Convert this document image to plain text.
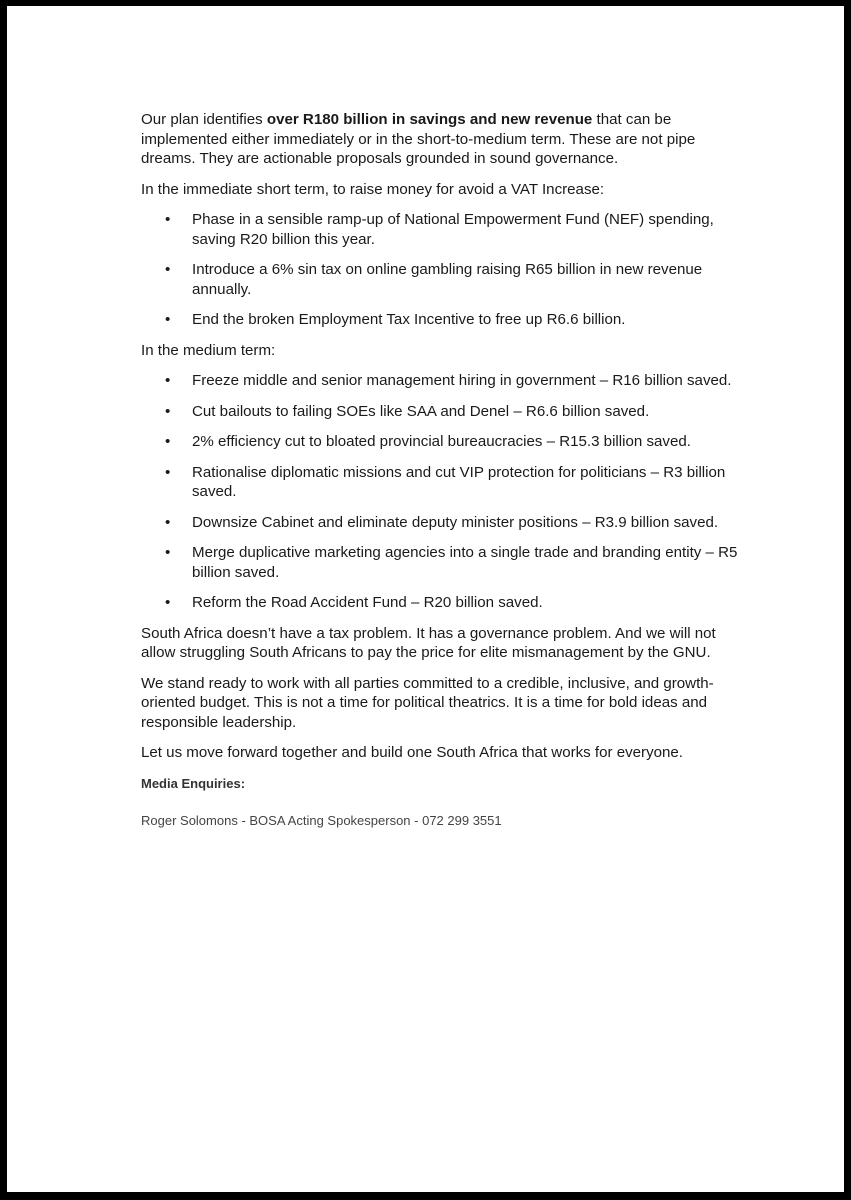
Our plan identifies over R180 billion in savings and new revenue that can be implemented either immediately or in the short-to-medium term. These are not pipe dreams. They are actionable proposals grounded in sound governance.

In the immediate short term, to raise money for avoid a VAT Increase:

• Phase in a sensible ramp-up of National Empowerment Fund (NEF) spending, saving R20 billion this year.
• Introduce a 6% sin tax on online gambling raising R65 billion in new revenue annually.
• End the broken Employment Tax Incentive to free up R6.6 billion.

In the medium term:

• Freeze middle and senior management hiring in government – R16 billion saved.
• Cut bailouts to failing SOEs like SAA and Denel – R6.6 billion saved.
• 2% efficiency cut to bloated provincial bureaucracies – R15.3 billion saved.
• Rationalise diplomatic missions and cut VIP protection for politicians – R3 billion saved.
• Downsize Cabinet and eliminate deputy minister positions – R3.9 billion saved.
• Merge duplicative marketing agencies into a single trade and branding entity – R5 billion saved.
• Reform the Road Accident Fund – R20 billion saved.

South Africa doesn’t have a tax problem. It has a governance problem. And we will not allow struggling South Africans to pay the price for elite mismanagement by the GNU.

We stand ready to work with all parties committed to a credible, inclusive, and growth-oriented budget. This is not a time for political theatrics. It is a time for bold ideas and responsible leadership.

Let us move forward together and build one South Africa that works for everyone.

Media Enquiries:

Roger Solomons - BOSA Acting Spokesperson - 072 299 3551
